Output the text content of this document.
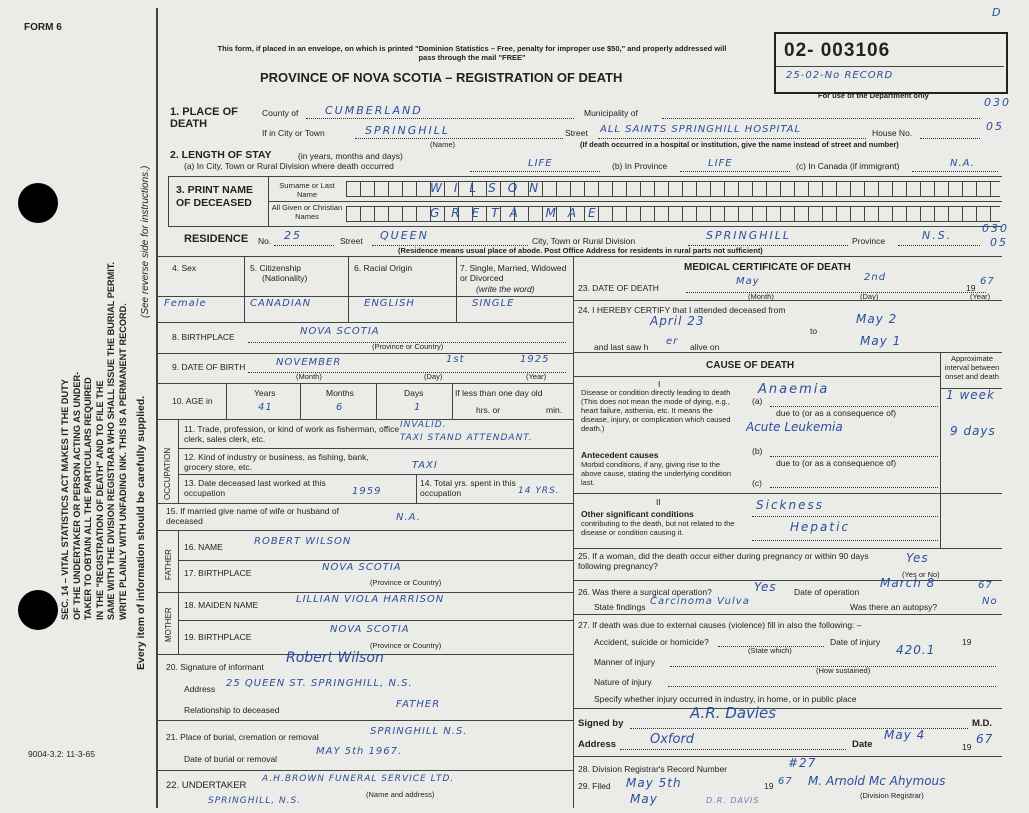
FORM 6
D
This form, if placed in an envelope, on which is printed "Dominion Statistics – Free, penalty for improper use $50," and properly addressed will pass through the mail "FREE"
PROVINCE OF NOVA SCOTIA – REGISTRATION OF DEATH
02- 003106
25-02-No RECORD
For use of the Department only
SEC. 14 – VITAL STATISTICS ACT MAKES IT THE DUTY OF THE UNDERTAKER OR PERSON ACTING AS UNDER- TAKER TO OBTAIN ALL THE PARTICULARS REQUIRED IN THE "REGISTRATION OF DEATH" AND TO FILE THE SAME WITH THE DIVISION REGISTRAR WHO SHALL ISSUE THE BURIAL PERMIT. WRITE PLAINLY WITH UNFADING INK. THIS IS A PERMANENT RECORD. Every item of information should be carefully supplied.
(See reverse side for instructions.)
9004-3.2: 11-3-65
1. PLACE OF DEATH
County of CUMBERLAND	Municipality of
030
If in City or Town	SPRINGHILL
(Name)
Street ALL SAINTS SPRINGHILL HOSPITAL	House No.	05
(If death occurred in a hospital or institution, give the name instead of street and number)
2. LENGTH OF STAY	(in years, months and days)
(a) In City, Town or Rural Division where death occurred	LIFE	(b) In Province	LIFE	(c) In Canada (if immigrant)	N.A.
3. PRINT NAME OF DECEASED
Surname or Last Name
All Given or Christian Names
WILSON
GRETA MAE
RESIDENCE No. 25	Street QUEEN	City, Town or Rural Division	SPRINGHILL	Province	N.S.
030
05
(Residence means usual place of abode. Post Office Address for residents in rural parts not sufficient)
4. Sex	5. Citizenship
(Nationality)
6. Racial Origin	7. Single, Married, Widowed or Divorced
(write the word)
Female	CANADIAN	ENGLISH	SINGLE
8. BIRTHPLACE	NOVA SCOTIA
(Province or Country)
9. DATE OF BIRTH	NOVEMBER	1st	1925
(Month)	(Day)	(Year)
10. AGE in
Years	Months	Days	If less than one day old
41	6	1	hrs. or	min.
OCCUPATION
11. Trade, profession, or kind of work as fisherman, office clerk, sales clerk, etc.
INVALID.
TAXI STAND ATTENDANT.
12. Kind of industry or business, as fishing, bank, grocery store, etc.	TAXI
13. Date deceased last worked at this occupation	1959
14. Total yrs. spent in this occupation	14 YRS.
15. If married give name of wife or husband of deceased	N.A.
FATHER
16. NAME	ROBERT WILSON
17. BIRTHPLACE	NOVA SCOTIA
(Province or Country)
MOTHER
18. MAIDEN NAME	LILLIAN VIOLA HARRISON
19. BIRTHPLACE
NOVA SCOTIA
(Province or Country)
20. Signature of informant
Robert Wilson
Address 25 QUEEN ST. SPRINGHILL, N.S.
Relationship to deceased	FATHER
21. Place of burial, cremation or removal	SPRINGHILL N.S.
Date of burial or removal
MAY 5th 1967.
22. UNDERTAKER
A.H.BROWN FUNERAL SERVICE LTD.
SPRINGHILL, N.S.
(Name and address)
MEDICAL CERTIFICATE OF DEATH
23. DATE OF DEATH
May	2nd
19
67
(Month)	(Day)	(Year)
24. I HEREBY CERTIFY that I attended deceased from
April 23
to
May 2
and last saw h er alive on	May 1
CAUSE OF DEATH
Approximate interval between onset and death
I
Disease or condition directly leading to death (This does not mean the mode of dying, e.g., heart failure, asthenia, etc. It means the disease, injury, or complication which caused death.)
(a)
Anaemia	1 week
due to (or as a consequence of)
Acute Leukemia	9 days
(b)
Antecedent causes
Morbid conditions, if any, giving rise to the above cause, stating the underlying condition last.
due to (or as a consequence of)
(c)
II
Other significant conditions
contributing to the death, but not related to the disease or condition causing it.
Sickness
Hepatic
25. If a woman, did the death occur either during pregnancy or within 90 days following pregnancy?
Yes
(Yes or No)
26. Was there a surgical operation?	Yes Date of operation
March 8	67
State findings Carcinoma Vulva	Was there an autopsy?	No
27. If death was due to external causes (violence) fill in also the following: –
Accident, suicide or homicide?
(State which)
Date of injury	19
420.1
Manner of injury
(How sustained)
Nature of injury
Specify whether injury occurred in industry, in home, or in public place
Signed by
A.R. Davies
M.D.
Address	Oxford	Date
May 4
19
67
28. Division Registrar's Record Number	#27
29. Filed May 5th
May
19 67 M. Arnold Mc Ahymous
(Division Registrar)
D.R. DAVIS
